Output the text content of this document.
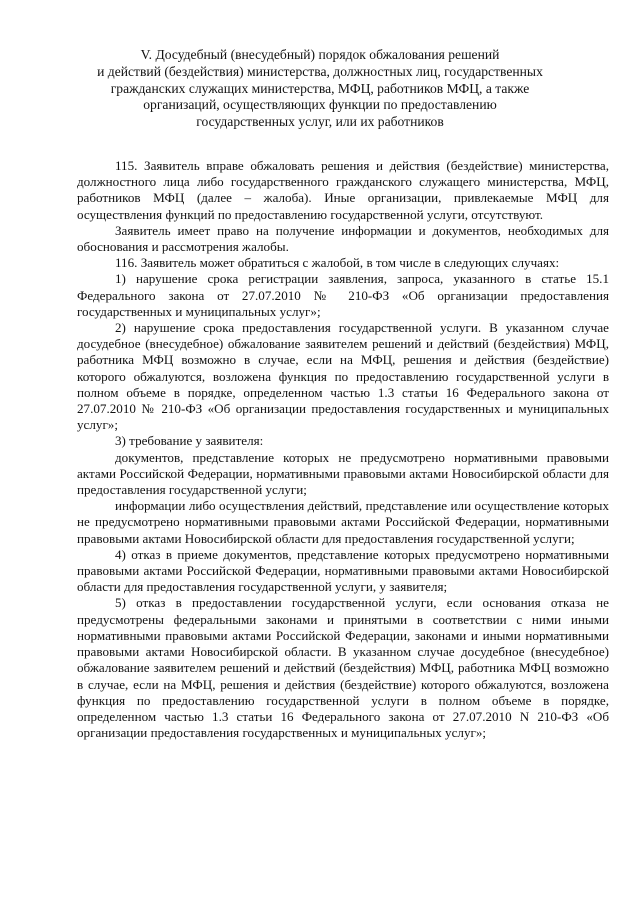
V. Досудебный (внесудебный) порядок обжалования решений
и действий (бездействия) министерства, должностных лиц, государственных
гражданских служащих министерства, МФЦ, работников МФЦ, а также
организаций, осуществляющих функции по предоставлению
государственных услуг, или их работников

115. Заявитель вправе обжаловать решения и действия (бездействие) министерства, должностного лица либо государственного гражданского служащего министерства, МФЦ, работников МФЦ (далее – жалоба). Иные организации, привлекаемые МФЦ для осуществления функций по предоставлению государственной услуги, отсутствуют.

Заявитель имеет право на получение информации и документов, необходимых для обоснования и рассмотрения жалобы.

116. Заявитель может обратиться с жалобой, в том числе в следующих случаях:

1) нарушение срока регистрации заявления, запроса, указанного в статье 15.1 Федерального закона от 27.07.2010 № 210-ФЗ «Об организации предоставления государственных и муниципальных услуг»;

2) нарушение срока предоставления государственной услуги. В указанном случае досудебное (внесудебное) обжалование заявителем решений и действий (бездействия) МФЦ, работника МФЦ возможно в случае, если на МФЦ, решения и действия (бездействие) которого обжалуются, возложена функция по предоставлению государственной услуги в полном объеме в порядке, определенном частью 1.3 статьи 16 Федерального закона от 27.07.2010 № 210-ФЗ «Об организации предоставления государственных и муниципальных услуг»;

3) требование у заявителя:

документов, представление которых не предусмотрено нормативными правовыми актами Российской Федерации, нормативными правовыми актами Новосибирской области для предоставления государственной услуги;

информации либо осуществления действий, представление или осуществление которых не предусмотрено нормативными правовыми актами Российской Федерации, нормативными правовыми актами Новосибирской области для предоставления государственной услуги;

4) отказ в приеме документов, представление которых предусмотрено нормативными правовыми актами Российской Федерации, нормативными правовыми актами Новосибирской области для предоставления государственной услуги, у заявителя;

5) отказ в предоставлении государственной услуги, если основания отказа не предусмотрены федеральными законами и принятыми в соответствии с ними иными нормативными правовыми актами Российской Федерации, законами и иными нормативными правовыми актами Новосибирской области. В указанном случае досудебное (внесудебное) обжалование заявителем решений и действий (бездействия) МФЦ, работника МФЦ возможно в случае, если на МФЦ, решения и действия (бездействие) которого обжалуются, возложена функция по предоставлению государственной услуги в полном объеме в порядке, определенном частью 1.3 статьи 16 Федерального закона от 27.07.2010 N 210-ФЗ «Об организации предоставления государственных и муниципальных услуг»;
